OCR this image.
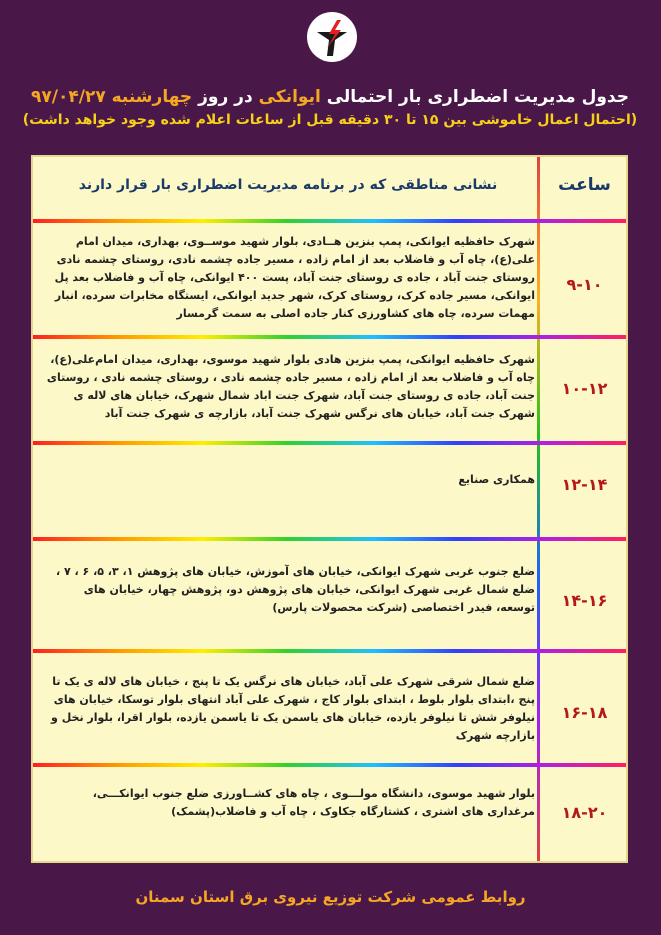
جدول مدیریت اضطراری بار احتمالی ایوانکی در روز چهارشنبه ۹۷/۰۴/۲۷
(احتمال اعمال خاموشی بین ۱۵ تا ۳۰ دقیقه قبل از ساعات اعلام شده وجود خواهد داشت)
ساعت
نشانی مناطقی که در برنامه مدیریت اضطراری بار قرار دارند
۹-۱۰
شهرک حافظیه ایوانکی، پمپ بنزین هــادی، بلوار شهید موســوی، بهداری، میدان امام علی(ع)، چاه آب و فاضلاب بعد از امام زاده ، مسیر جاده چشمه نادی، روستای چشمه نادی روستای جنت آباد ، جاده ی روستای جنت آباد، پست ۴۰۰ ایوانکی، چاه آب و فاضلاب بعد پل ایوانکی، مسیر جاده کرک، روستای کرک، شهر جدید ایوانکی، ایستگاه مخابرات سرده، انبار مهمات سرده، چاه های کشاورزی کنار جاده اصلی به سمت گرمسار
۱۰-۱۲
شهرک حافظیه ایوانکی، پمپ بنزین هادی بلوار شهید موسوی، بهداری، میدان امام‌علی(ع)، چاه آب و فاضلاب بعد از امام زاده ، مسیر جاده چشمه نادی ، روستای چشمه نادی ، روستای جنت آباد، جاده ی روستای جنت آباد، شهرک جنت اباد شمال شهرک، خیابان های لاله ی شهرک جنت آباد، خیابان های نرگس شهرک جنت آباد، بازارچه ی شهرک جنت آباد
۱۲-۱۴
همکاری صنایع
۱۴-۱۶
ضلع جنوب غربی شهرک ایوانکی، خیابان های آموزش، خیابان های پژوهش ۱، ۳، ۵، ۶ ، ۷ ، ضلع شمال غربی شهرک ایوانکی، خیابان های پژوهش دو، پژوهش چهار، خیابان های توسعه، فیدر اختصاصی (شرکت محصولات پارس)
۱۶-۱۸
ضلع شمال شرقی شهرک علی آباد، خیابان های نرگس یک تا پنج ، خیابان های لاله ی یک تا پنج ،ابتدای بلوار بلوط ، ابتدای بلوار کاج ، شهرک علی آباد انتهای بلوار توسکا، خیابان های نیلوفر شش تا نیلوفر یازده، خیابان های یاسمن یک تا یاسمن یازده، بلوار اقرا، بلوار نخل و بازارچه شهرک
۱۸-۲۰
بلوار شهید موسوی، دانشگاه مولـــوی ، چاه های کشــاورزی ضلع جنوب ایوانکـــی، مرغداری های اشتری ، کشتارگاه جکاوک ، چاه آب و فاضلاب(پشمک)
روابط عمومی شرکت توزیع نیروی برق استان سمنان
